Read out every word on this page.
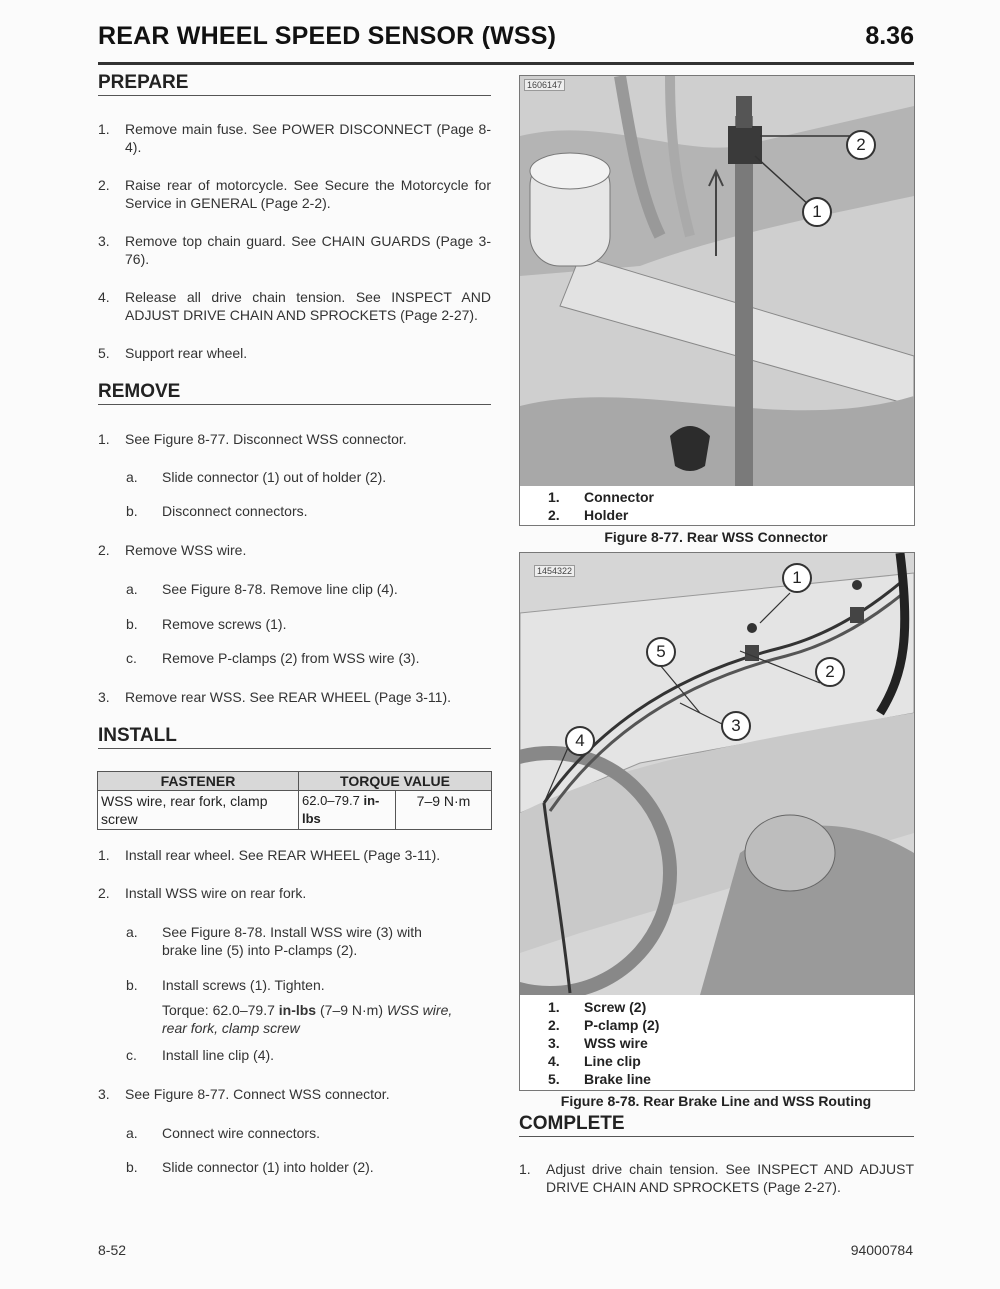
REAR WHEEL SPEED SENSOR (WSS)	8.36
PREPARE
1. Remove main fuse. See POWER DISCONNECT (Page 8-4).
2. Raise rear of motorcycle. See Secure the Motorcycle for Service in GENERAL (Page 2-2).
3. Remove top chain guard. See CHAIN GUARDS (Page 3-76).
4. Release all drive chain tension. See INSPECT AND ADJUST DRIVE CHAIN AND SPROCKETS (Page 2-27).
5. Support rear wheel.
REMOVE
1. See Figure 8-77. Disconnect WSS connector.
a. Slide connector (1) out of holder (2).
b. Disconnect connectors.
2. Remove WSS wire.
a. See Figure 8-78. Remove line clip (4).
b. Remove screws (1).
c. Remove P-clamps (2) from WSS wire (3).
3. Remove rear WSS. See REAR WHEEL (Page 3-11).
INSTALL
FASTENER	TORQUE VALUE	
WSS wire, rear fork, clamp screw	62.0–79.7 in-lbs	7–9 N·m
1. Install rear wheel. See REAR WHEEL (Page 3-11).
2. Install WSS wire on rear fork.
a. See Figure 8-78. Install WSS wire (3) with brake line (5) into P-clamps (2).
b. Install screws (1). Tighten.
Torque: 62.0–79.7 in-lbs (7–9 N·m) WSS wire, rear fork, clamp screw
c. Install line clip (4).
3. See Figure 8-77. Connect WSS connector.
a. Connect wire connectors.
b. Slide connector (1) into holder (2).
1606147
2
1
1. Connector
2. Holder
Figure 8-77. Rear WSS Connector
1454322	1
2
3
4
5
1. Screw (2)
2. P-clamp (2)
3. WSS wire
4. Line clip
5. Brake line
Figure 8-78. Rear Brake Line and WSS Routing
COMPLETE
1. Adjust drive chain tension. See INSPECT AND ADJUST DRIVE CHAIN AND SPROCKETS (Page 2-27).
8-52	94000784
